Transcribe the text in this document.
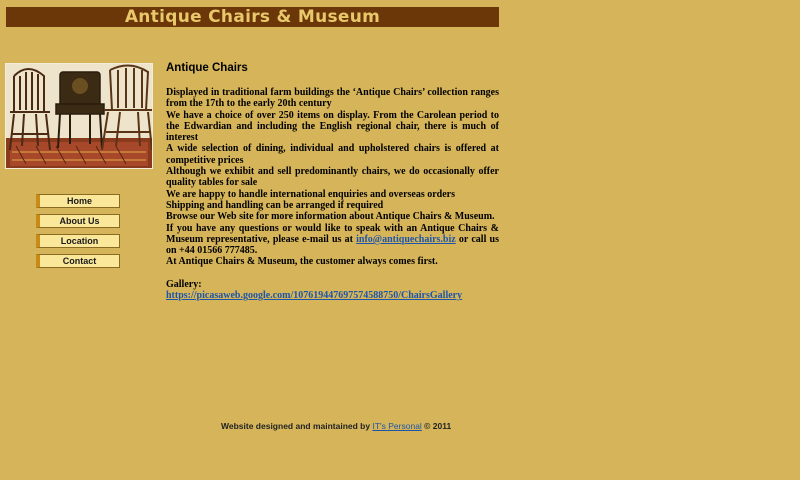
Antique Chairs & Museum
Home
About Us
Location
Contact
Antique Chairs

Displayed in traditional farm buildings the ‘Antique Chairs’ collection ranges from the 17th to the early 20th century

We have a choice of over 250 items on display. From the Carolean period to the Edwardian and including the English regional chair, there is much of interest

A wide selection of dining, individual and upholstered chairs is offered at competitive prices

Although we exhibit and sell predominantly chairs, we do occasionally offer quality tables for sale

We are happy to handle international enquiries and overseas orders

Shipping and handling can be arranged if required

Browse our Web site for more information about Antique Chairs & Museum.

If you have any questions or would like to speak with an Antique Chairs & Museum representative, please e-mail us at info@antiquechairs.biz or call us on +44 01566 777485.

At Antique Chairs & Museum, the customer always comes first.

Gallery:

https://picasaweb.google.com/107619447697574588750/ChairsGallery

Website designed and maintained by IT's Personal © 2011
